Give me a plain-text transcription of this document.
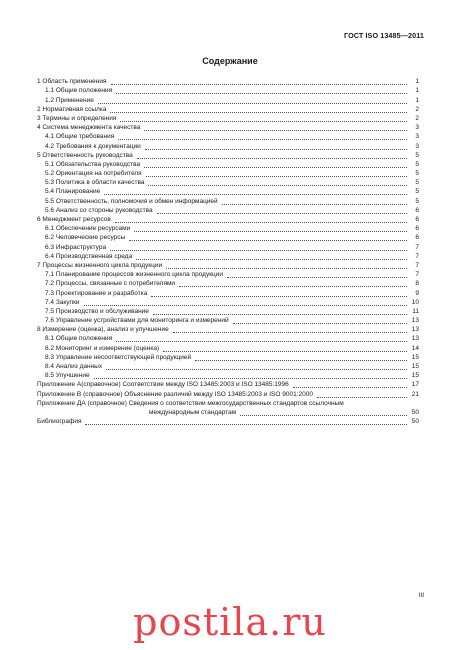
ГОСТ ISO 13485—2011
Содержание
1 Область применения	1
1.1 Общие положения	1
1.2 Применение	1
2 Нормативная ссылка	2
3 Термины и определения	2
4 Система менеджмента качества	3
4.1 Общие требования	3
4.2 Требования к документации	3
5 Ответственность руководства	5
5.1 Обязательства руководства	5
5.2 Ориентация на потребителя	5
5.3 Политика в области качества	5
5.4 Планирование	5
5.5 Ответственность, полномочия и обмен информацией	5
5.6 Анализ со стороны руководства	6
6 Менеджмент ресурсов	6
6.1 Обеспечение ресурсами	6
6.2 Человеческие ресурсы	6
6.3 Инфраструктура	7
6.4 Производственная среда	7
7 Процессы жизненного цикла продукции	7
7.1 Планирование процессов жизненного цикла продукции	7
7.2 Процессы, связанные с потребителями	8
7.3 Проектирование и разработка	9
7.4 Закупки	10
7.5 Производство и обслуживание	11
7.6 Управление устройствами для мониторинга и измерений	13
8 Измерение (оценка), анализ и улучшение	13
8.1 Общие положения	13
8.2 Мониторинг и измерение (оценка)	14
8.3 Управление несоответствующей продукцией	15
8.4 Анализ данных	15
8.5 Улучшение	15
Приложение А(справочное) Соответствие между ISO 13485:2003 и ISO 13485:1996	17
Приложение В (справочное) Объяснение различий между ISO 13485:2003 и ISO 9001:2000	21
Приложение ДА (справочное) Сведения о соответствии межгосударственных стандартов ссылочным
международным стандартам	50
Библиография	50
III
postila.ru
